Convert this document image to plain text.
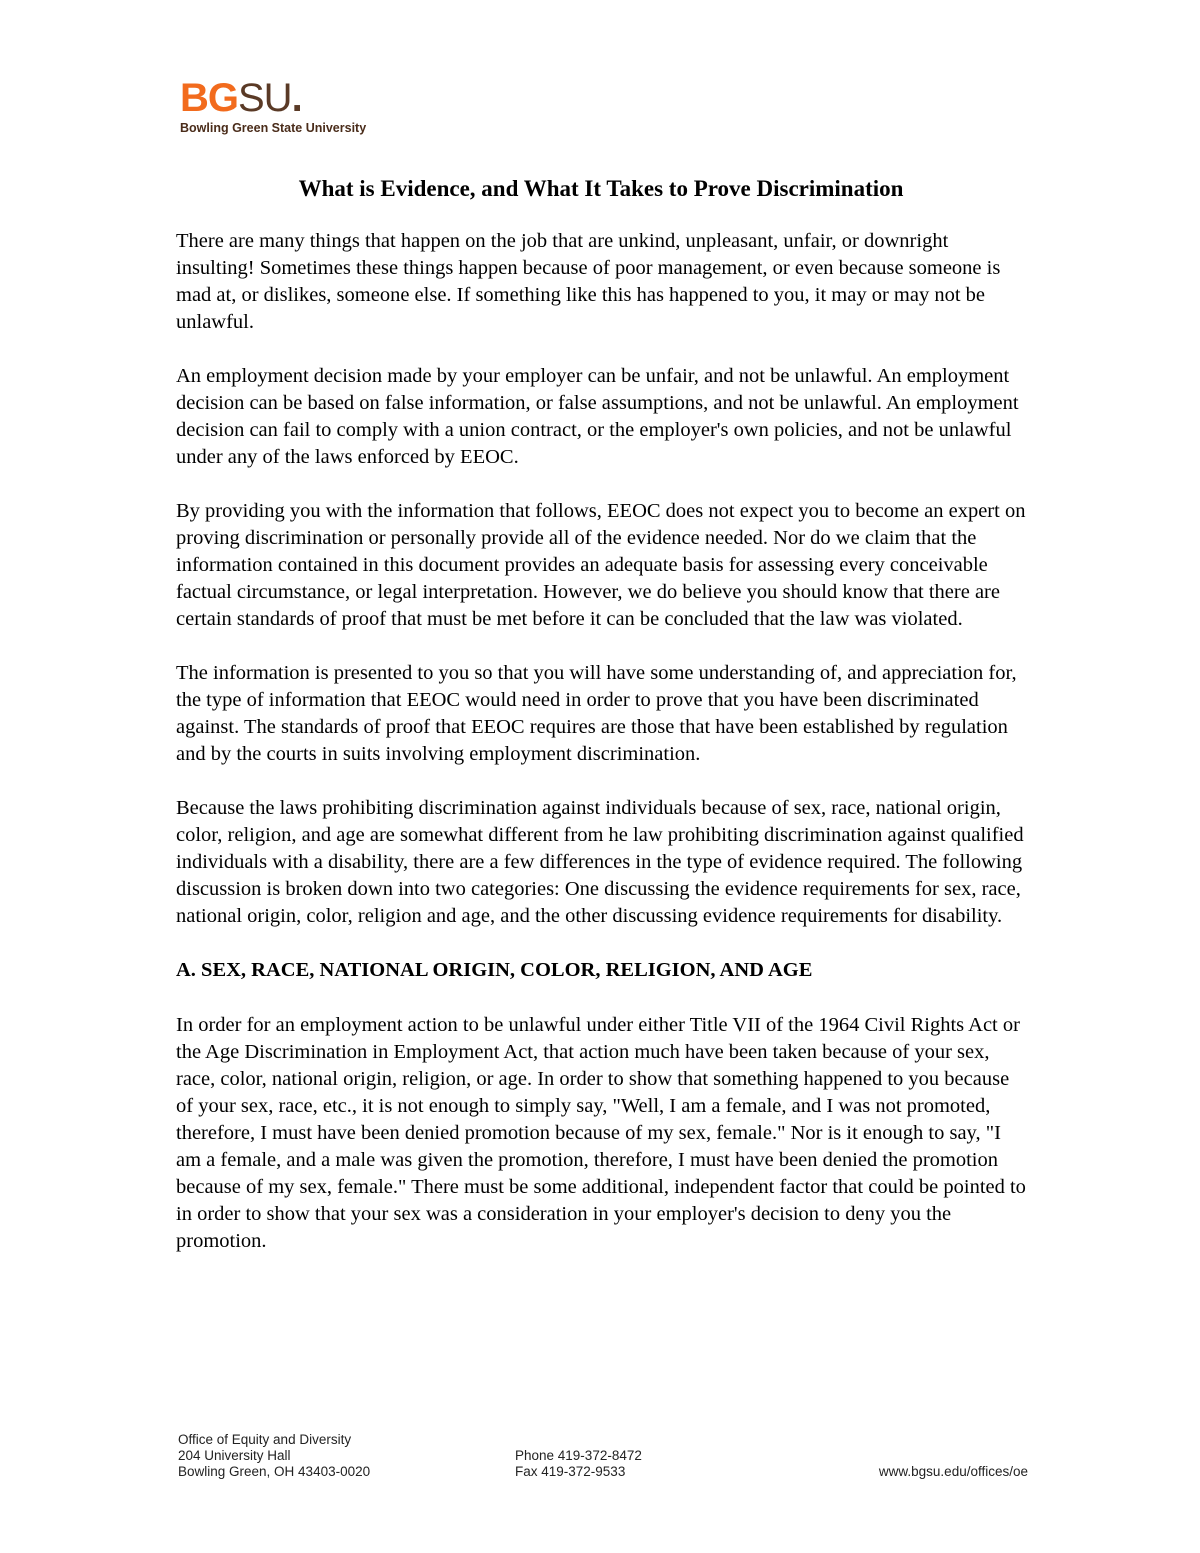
BGSU.
Bowling Green State University
What is Evidence, and What It Takes to Prove Discrimination

There are many things that happen on the job that are unkind, unpleasant, unfair, or downright insulting! Sometimes these things happen because of poor management, or even because someone is mad at, or dislikes, someone else. If something like this has happened to you, it may or may not be unlawful.

An employment decision made by your employer can be unfair, and not be unlawful. An employment decision can be based on false information, or false assumptions, and not be unlawful. An employment decision can fail to comply with a union contract, or the employer's own policies, and not be unlawful under any of the laws enforced by EEOC.

By providing you with the information that follows, EEOC does not expect you to become an expert on proving discrimination or personally provide all of the evidence needed. Nor do we claim that the information contained in this document provides an adequate basis for assessing every conceivable factual circumstance, or legal interpretation. However, we do believe you should know that there are certain standards of proof that must be met before it can be concluded that the law was violated.

The information is presented to you so that you will have some understanding of, and appreciation for, the type of information that EEOC would need in order to prove that you have been discriminated against. The standards of proof that EEOC requires are those that have been established by regulation and by the courts in suits involving employment discrimination.

Because the laws prohibiting discrimination against individuals because of sex, race, national origin, color, religion, and age are somewhat different from he law prohibiting discrimination against qualified individuals with a disability, there are a few differences in the type of evidence required. The following discussion is broken down into two categories: One discussing the evidence requirements for sex, race, national origin, color, religion and age, and the other discussing evidence requirements for disability.

A. SEX, RACE, NATIONAL ORIGIN, COLOR, RELIGION, AND AGE

In order for an employment action to be unlawful under either Title VII of the 1964 Civil Rights Act or the Age Discrimination in Employment Act, that action much have been taken because of your sex, race, color, national origin, religion, or age. In order to show that something happened to you because of your sex, race, etc., it is not enough to simply say, "Well, I am a female, and I was not promoted, therefore, I must have been denied promotion because of my sex, female." Nor is it enough to say, "I am a female, and a male was given the promotion, therefore, I must have been denied the promotion because of my sex, female." There must be some additional, independent factor that could be pointed to in order to show that your sex was a consideration in your employer's decision to deny you the promotion.

Office of Equity and Diversity
204 University Hall
Bowling Green, OH 43403-0020
Phone 419-372-8472
Fax 419-372-9533	www.bgsu.edu/offices/oe
